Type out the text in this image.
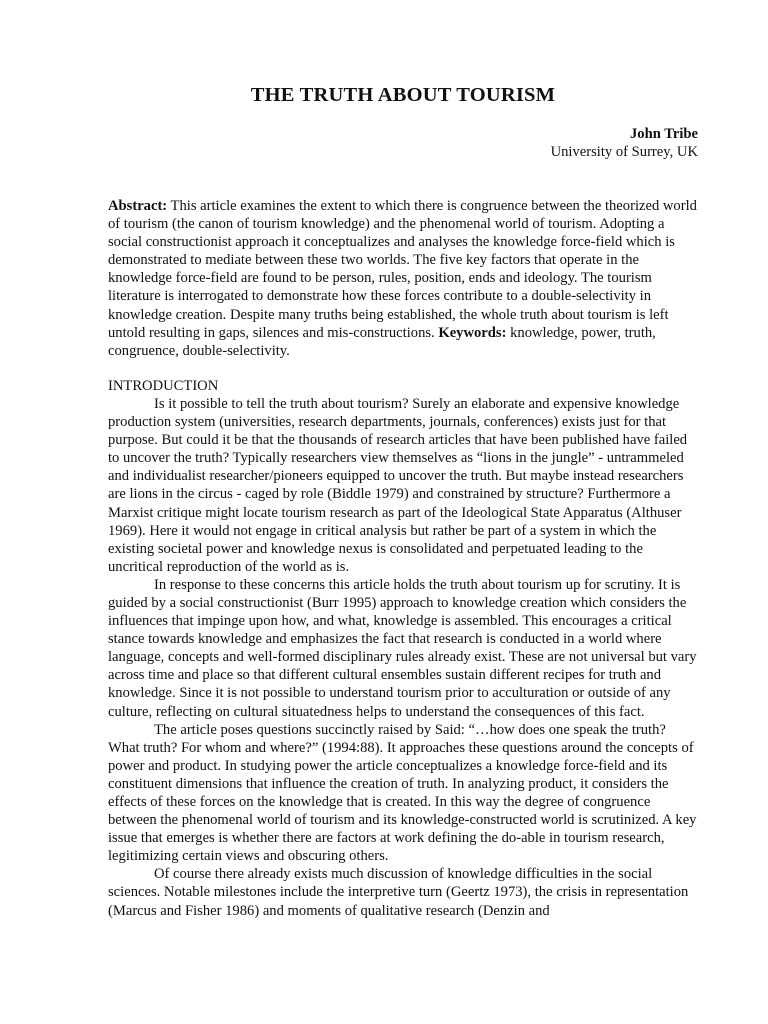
THE TRUTH ABOUT TOURISM
John Tribe
University of Surrey, UK

Abstract: This article examines the extent to which there is congruence between the theorized world of tourism (the canon of tourism knowledge) and the phenomenal world of tourism. Adopting a social constructionist approach it conceptualizes and analyses the knowledge force-field which is demonstrated to mediate between these two worlds. The five key factors that operate in the knowledge force-field are found to be person, rules, position, ends and ideology. The tourism literature is interrogated to demonstrate how these forces contribute to a double-selectivity in knowledge creation. Despite many truths being established, the whole truth about tourism is left untold resulting in gaps, silences and mis-constructions. Keywords: knowledge, power, truth, congruence, double-selectivity.

INTRODUCTION

Is it possible to tell the truth about tourism? Surely an elaborate and expensive knowledge production system (universities, research departments, journals, conferences) exists just for that purpose. But could it be that the thousands of research articles that have been published have failed to uncover the truth? Typically researchers view themselves as “lions in the jungle” - untrammeled and individualist researcher/pioneers equipped to uncover the truth. But maybe instead researchers are lions in the circus - caged by role (Biddle 1979) and constrained by structure? Furthermore a Marxist critique might locate tourism research as part of the Ideological State Apparatus (Althuser 1969). Here it would not engage in critical analysis but rather be part of a system in which the existing societal power and knowledge nexus is consolidated and perpetuated leading to the uncritical reproduction of the world as is.

In response to these concerns this article holds the truth about tourism up for scrutiny. It is guided by a social constructionist (Burr 1995) approach to knowledge creation which considers the influences that impinge upon how, and what, knowledge is assembled. This encourages a critical stance towards knowledge and emphasizes the fact that research is conducted in a world where language, concepts and well-formed disciplinary rules already exist. These are not universal but vary across time and place so that different cultural ensembles sustain different recipes for truth and knowledge. Since it is not possible to understand tourism prior to acculturation or outside of any culture, reflecting on cultural situatedness helps to understand the consequences of this fact.

The article poses questions succinctly raised by Said: “…how does one speak the truth? What truth? For whom and where?” (1994:88). It approaches these questions around the concepts of power and product. In studying power the article conceptualizes a knowledge force-field and its constituent dimensions that influence the creation of truth. In analyzing product, it considers the effects of these forces on the knowledge that is created. In this way the degree of congruence between the phenomenal world of tourism and its knowledge-constructed world is scrutinized. A key issue that emerges is whether there are factors at work defining the do-able in tourism research, legitimizing certain views and obscuring others.

Of course there already exists much discussion of knowledge difficulties in the social sciences. Notable milestones include the interpretive turn (Geertz 1973), the crisis in representation (Marcus and Fisher 1986) and moments of qualitative research (Denzin and
